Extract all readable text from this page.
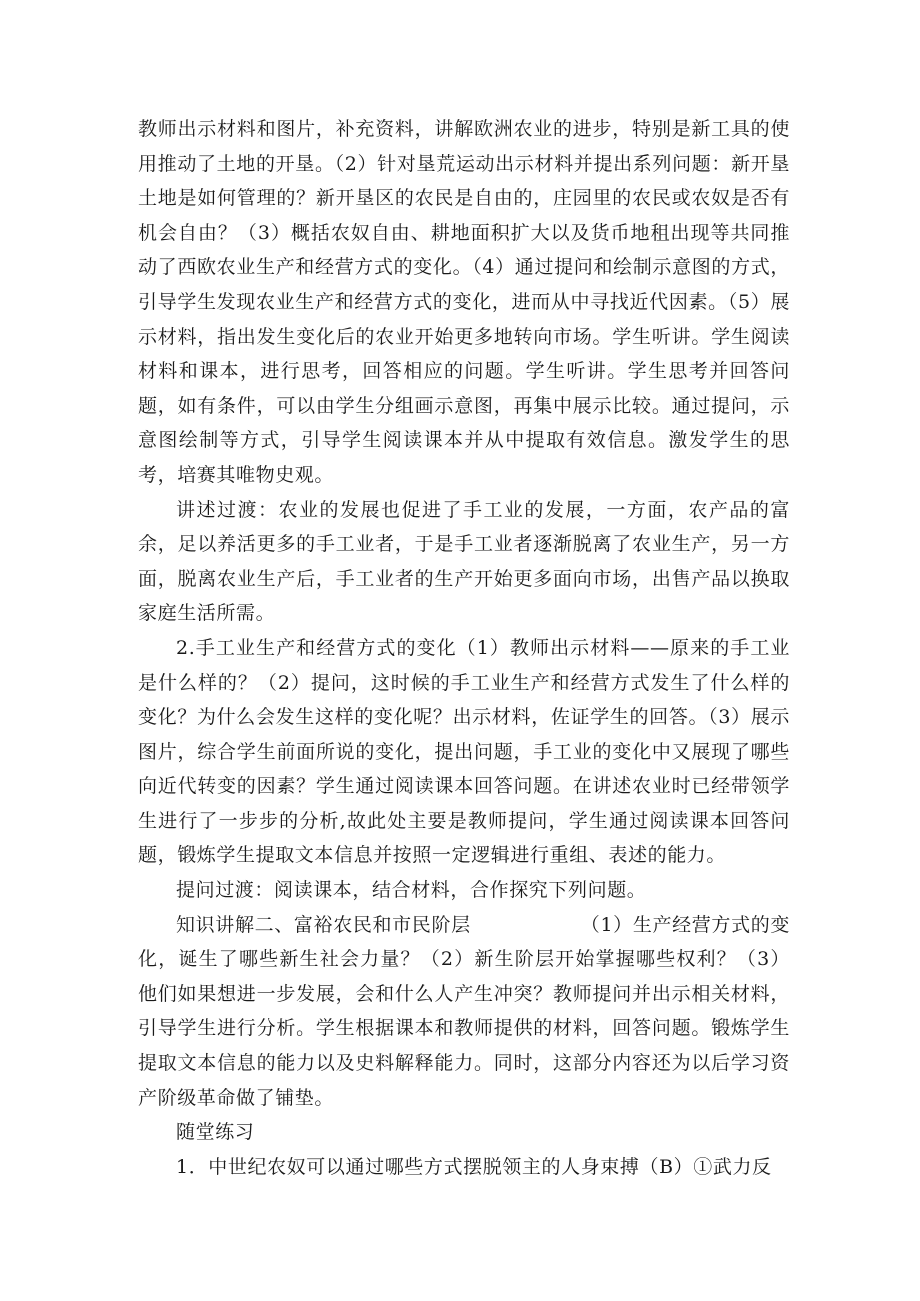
教师出示材料和图片，补充资料，讲解欧洲农业的进步，特别是新工具的使用推动了土地的开垦。（2）针对垦荒运动出示材料并提出系列问题：新开垦土地是如何管理的？新开垦区的农民是自由的，庄园里的农民或农奴是否有机会自由？（3）概括农奴自由、耕地面积扩大以及货币地租出现等共同推动了西欧农业生产和经营方式的变化。（4）通过提问和绘制示意图的方式，引导学生发现农业生产和经营方式的变化，进而从中寻找近代因素。（5）展示材料，指出发生变化后的农业开始更多地转向市场。学生听讲。学生阅读材料和课本，进行思考，回答相应的问题。学生听讲。学生思考并回答问题，如有条件，可以由学生分组画示意图，再集中展示比较。通过提问，示意图绘制等方式，引导学生阅读课本并从中提取有效信息。激发学生的思考，培赛其唯物史观。

讲述过渡：农业的发展也促进了手工业的发展，一方面，农产品的富余，足以养活更多的手工业者，于是手工业者逐渐脱离了农业生产，另一方面，脱离农业生产后，手工业者的生产开始更多面向市场，出售产品以换取家庭生活所需。

2.手工业生产和经营方式的变化（1）教师出示材料——原来的手工业是什么样的？（2）提问，这时候的手工业生产和经营方式发生了什么样的变化？为什么会发生这样的变化呢？出示材料，佐证学生的回答。（3）展示图片，综合学生前面所说的变化，提出问题，手工业的变化中又展现了哪些向近代转变的因素？学生通过阅读课本回答问题。在讲述农业时已经带领学生进行了一步步的分析,故此处主要是教师提问，学生通过阅读课本回答问题，锻炼学生提取文本信息并按照一定逻辑进行重组、表述的能力。

提问过渡：阅读课本，结合材料，合作探究下列问题。

知识讲解二、富裕农民和市民阶层	（1）生产经营方式的变化，诞生了哪些新生社会力量？（2）新生阶层开始掌握哪些权利？（3）他们如果想进一步发展，会和什么人产生冲突？教师提问并出示相关材料，引导学生进行分析。学生根据课本和教师提供的材料，回答问题。锻炼学生提取文本信息的能力以及史料解释能力。同时，这部分内容还为以后学习资产阶级革命做了铺垫。

随堂练习

1．中世纪农奴可以通过哪些方式摆脱领主的人身束搏（B）①武力反
